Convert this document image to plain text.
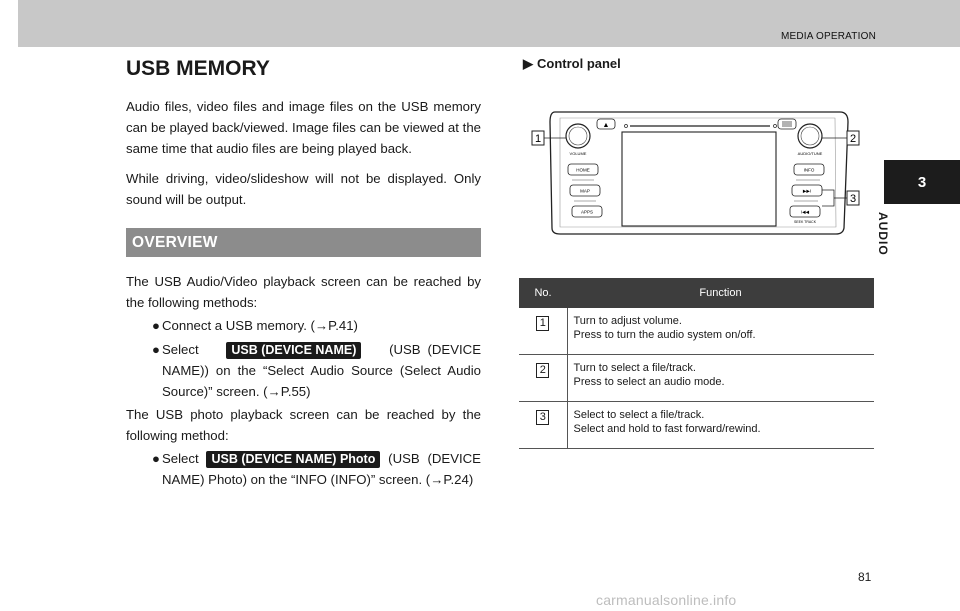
MEDIA OPERATION
3
AUDIO
USB MEMORY

Audio files, video files and image files on the USB memory can be played back/viewed. Image files can be viewed at the same time that audio files are being played back.

While driving, video/slideshow will not be displayed. Only sound will be output.

OVERVIEW

The USB Audio/Video playback screen can be reached by the following methods:

● Connect a USB memory. (→P.41)
● Select	USB (DEVICE NAME) (USB (DEVICE NAME)) on the “Select Audio Source (Select Audio Source)” screen. (→P.55)

The USB photo playback screen can be reached by the following method:

● Select USB (DEVICE NAME) Photo (USB (DEVICE NAME) Photo) on the “INFO (INFO)” screen. (→P.24)
▶ Control panel
▲
VOLUME	AUDIO/TUNE
HOME
MAP
APPS
INFO
▶▶I
I◀◀
SEEK TRACK
1	2
3
No.	Function
1	Turn to adjust volume.
Press to turn the audio system on/off.

2	Turn to select a file/track.
Press to select an audio mode.

3	Select to select a file/track.
Select and hold to fast forward/rewind.
81
carmanualsonline.info
